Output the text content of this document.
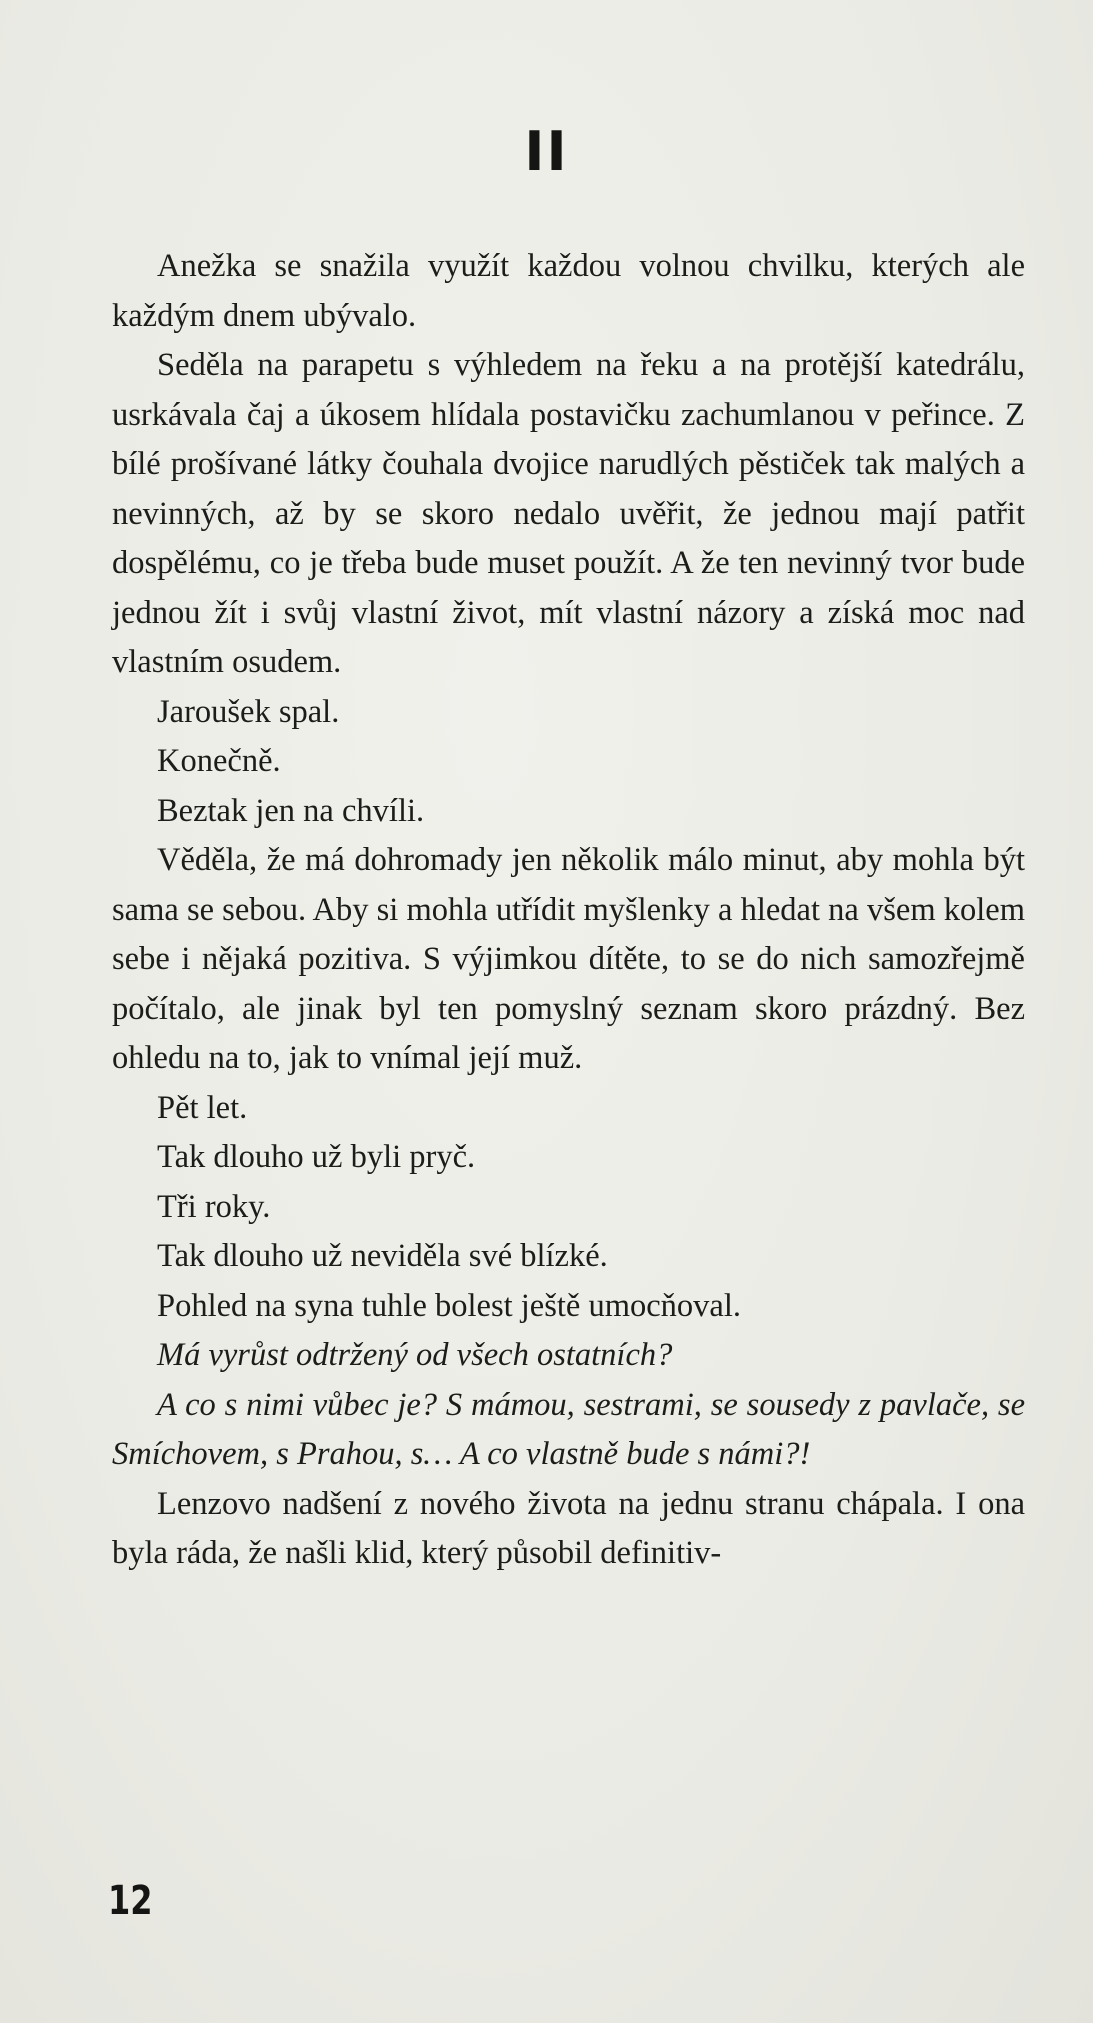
II

Anežka se snažila využít každou volnou chvilku, kterých ale každým dnem ubývalo.

Seděla na parapetu s výhledem na řeku a na protější katedrálu, usrkávala čaj a úkosem hlídala postavičku zachumlanou v peřince. Z bílé prošívané látky čouhala dvojice narudlých pěstiček tak malých a nevinných, až by se skoro nedalo uvěřit, že jednou mají patřit dospělému, co je třeba bude muset použít. A že ten nevinný tvor bude jednou žít i svůj vlastní život, mít vlastní názory a získá moc nad vlastním osudem.

Jaroušek spal.

Konečně.

Beztak jen na chvíli.

Věděla, že má dohromady jen několik málo minut, aby mohla být sama se sebou. Aby si mohla utřídit myšlenky a hledat na všem kolem sebe i nějaká pozitiva. S výjimkou dítěte, to se do nich samozřejmě počítalo, ale jinak byl ten pomyslný seznam skoro prázdný. Bez ohledu na to, jak to vnímal její muž.

Pět let.

Tak dlouho už byli pryč.

Tři roky.

Tak dlouho už neviděla své blízké.

Pohled na syna tuhle bolest ještě umocňoval.

Má vyrůst odtržený od všech ostatních?

A co s nimi vůbec je? S mámou, sestrami, se sousedy z pavlače, se Smíchovem, s Prahou, s… A co vlastně bude s námi?!

Lenzovo nadšení z nového života na jednu stranu chápala. I ona byla ráda, že našli klid, který působil definitiv-

12
